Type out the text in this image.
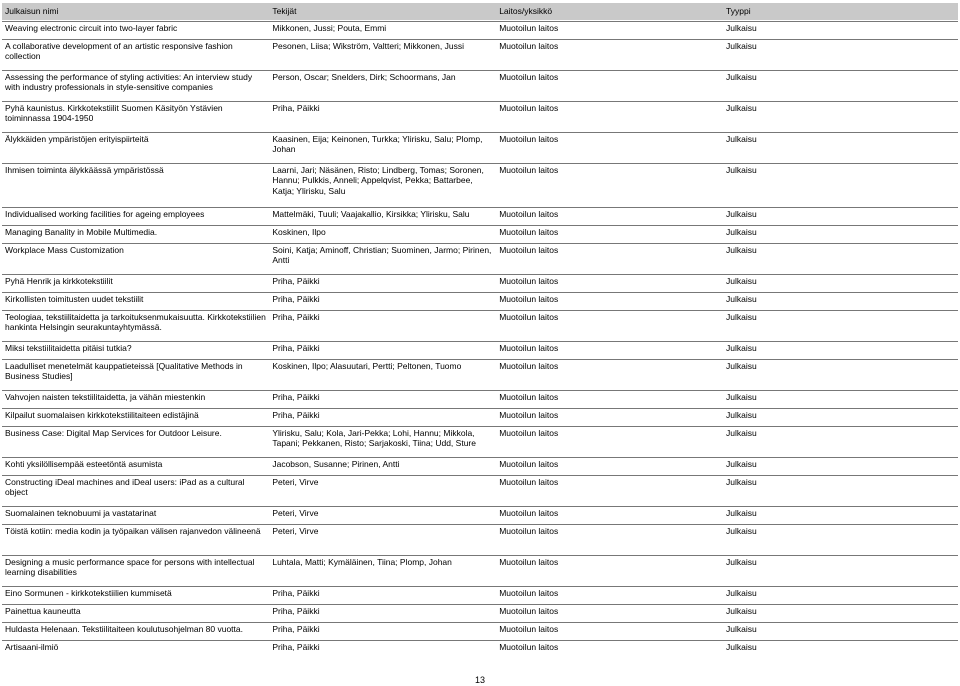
Julkaisun nimi	Tekijät	Laitos/yksikkö	Tyyppi
Weaving electronic circuit into two-layer fabric	Mikkonen, Jussi; Pouta, Emmi	Muotoilun laitos	Julkaisu
A collaborative development of an artistic responsive fashion collection	Pesonen, Liisa; Wikström, Valtteri; Mikkonen, Jussi	Muotoilun laitos	Julkaisu
Assessing the performance of styling activities: An interview study with industry professionals in style-sensitive companies	Person, Oscar; Snelders, Dirk; Schoormans, Jan	Muotoilun laitos	Julkaisu
Pyhä kaunistus. Kirkkotekstiilit Suomen Käsityön Ystävien toiminnassa 1904-1950	Priha, Päikki	Muotoilun laitos	Julkaisu
Älykkäiden ympäristöjen erityispiirteitä	Kaasinen, Eija; Keinonen, Turkka; Ylirisku, Salu; Plomp, Johan	Muotoilun laitos	Julkaisu
Ihmisen toiminta älykkäässä ympäristössä	Laarni, Jari; Näsänen, Risto; Lindberg, Tomas; Soronen, Hannu; Pulkkis, Anneli; Appelqvist, Pekka; Battarbee, Katja; Ylirisku, Salu	Muotoilun laitos	Julkaisu
Individualised working facilities for ageing employees	Mattelmäki, Tuuli; Vaajakallio, Kirsikka; Ylirisku, Salu	Muotoilun laitos	Julkaisu
Managing Banality in Mobile Multimedia.	Koskinen, Ilpo	Muotoilun laitos	Julkaisu
Workplace Mass Customization	Soini, Katja; Aminoff, Christian; Suominen, Jarmo; Pirinen, Antti	Muotoilun laitos	Julkaisu
Pyhä Henrik ja kirkkotekstiilit	Priha, Päikki	Muotoilun laitos	Julkaisu
Kirkollisten toimitusten uudet tekstiilit	Priha, Päikki	Muotoilun laitos	Julkaisu
Teologiaa, tekstiilitaidetta ja tarkoituksenmukaisuutta. Kirkkotekstiilien hankinta Helsingin seurakuntayhtymässä.	Priha, Päikki	Muotoilun laitos	Julkaisu
Miksi tekstiilitaidetta pitäisi tutkia?	Priha, Päikki	Muotoilun laitos	Julkaisu
Laadulliset menetelmät kauppatieteissä [Qualitative Methods in Business Studies]	Koskinen, Ilpo; Alasuutari, Pertti; Peltonen, Tuomo	Muotoilun laitos	Julkaisu
Vahvojen naisten tekstiilitaidetta, ja vähän miestenkin	Priha, Päikki	Muotoilun laitos	Julkaisu
Kilpailut suomalaisen kirkkotekstiilitaiteen edistäjinä	Priha, Päikki	Muotoilun laitos	Julkaisu
Business Case: Digital Map Services for Outdoor Leisure.	Ylirisku, Salu; Kola, Jari-Pekka; Lohi, Hannu; Mikkola, Tapani; Pekkanen, Risto; Sarjakoski, Tiina; Udd, Sture	Muotoilun laitos	Julkaisu
Kohti yksilöllisempää esteetöntä asumista	Jacobson, Susanne; Pirinen, Antti	Muotoilun laitos	Julkaisu
Constructing iDeal machines and iDeal users: iPad as a cultural object	Peteri, Virve	Muotoilun laitos	Julkaisu
Suomalainen teknobuumi ja vastatarinat	Peteri, Virve	Muotoilun laitos	Julkaisu
Töistä kotiin: media kodin ja työpaikan välisen rajanvedon välineenä	Peteri, Virve	Muotoilun laitos	Julkaisu
Designing a music performance space for persons with intellectual learning disabilities	Luhtala, Matti; Kymäläinen, Tiina; Plomp, Johan	Muotoilun laitos	Julkaisu
Eino Sormunen - kirkkotekstiilien kummisetä	Priha, Päikki	Muotoilun laitos	Julkaisu
Painettua kauneutta	Priha, Päikki	Muotoilun laitos	Julkaisu
Huldasta Helenaan. Tekstiilitaiteen koulutusohjelman 80 vuotta.	Priha, Päikki	Muotoilun laitos	Julkaisu
Artisaani-ilmiö	Priha, Päikki	Muotoilun laitos	Julkaisu
13
